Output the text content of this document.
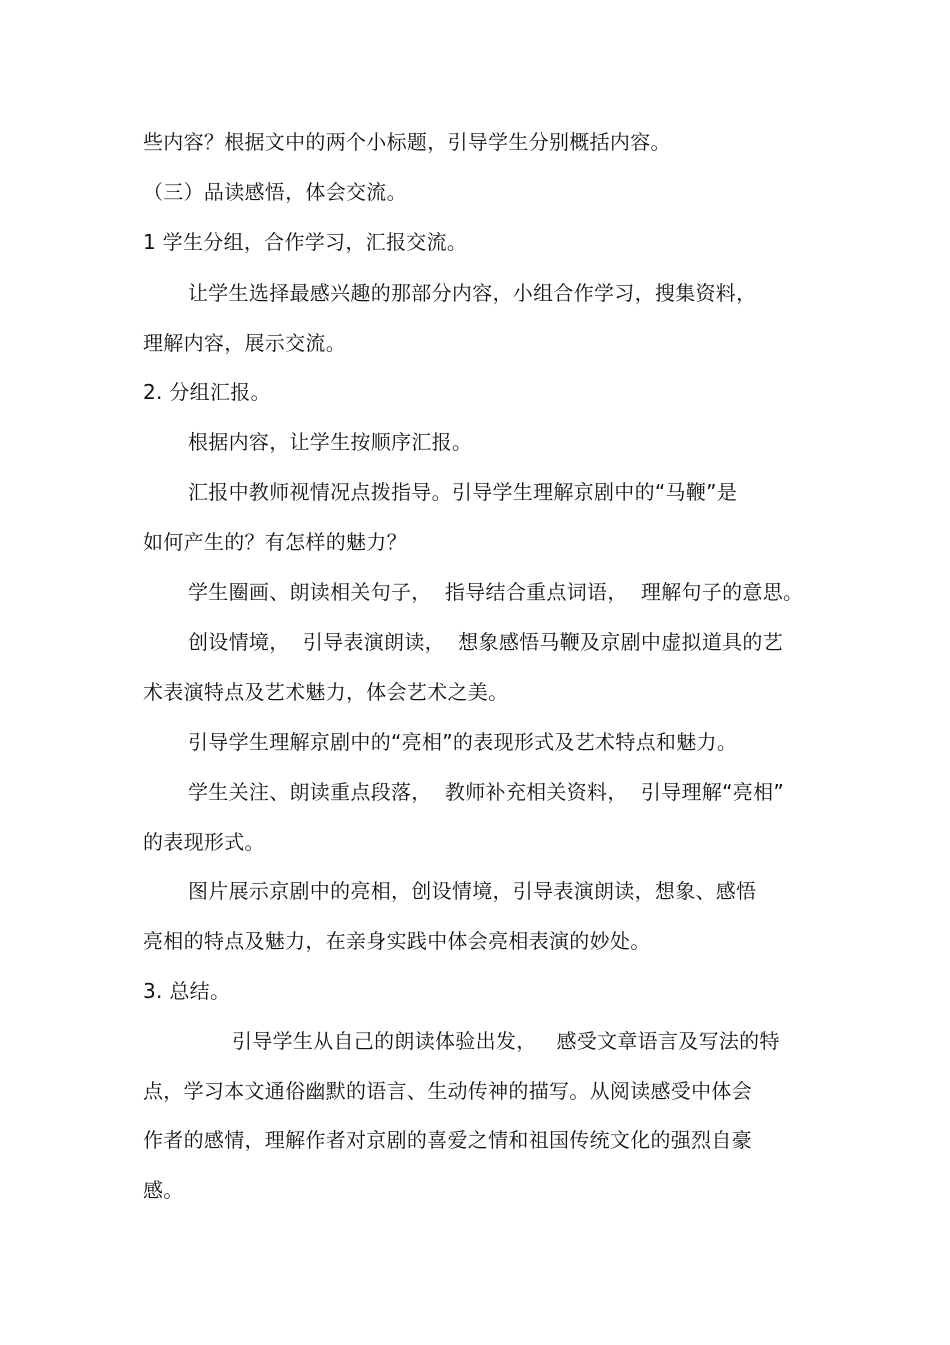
些内容？根据文中的两个小标题，引导学生分别概括内容。
（三）品读感悟，体会交流。
1 学生分组，合作学习，汇报交流。
让学生选择最感兴趣的那部分内容，小组合作学习，搜集资料，
理解内容，展示交流。
2. 分组汇报。
根据内容，让学生按顺序汇报。
汇报中教师视情况点拨指导。引导学生理解京剧中的“马鞭”是
如何产生的？有怎样的魅力？
学生圈画、朗读相关句子，  指导结合重点词语，  理解句子的意思。
创设情境，  引导表演朗读，  想象感悟马鞭及京剧中虚拟道具的艺
术表演特点及艺术魅力，体会艺术之美。
引导学生理解京剧中的“亮相”的表现形式及艺术特点和魅力。
学生关注、朗读重点段落，  教师补充相关资料，  引导理解“亮相”
的表现形式。
图片展示京剧中的亮相，创设情境，引导表演朗读，想象、感悟
亮相的特点及魅力，在亲身实践中体会亮相表演的妙处。
3. 总结。
引导学生从自己的朗读体验出发，   感受文章语言及写法的特
点，学习本文通俗幽默的语言、生动传神的描写。从阅读感受中体会
作者的感情，理解作者对京剧的喜爱之情和祖国传统文化的强烈自豪
感。
